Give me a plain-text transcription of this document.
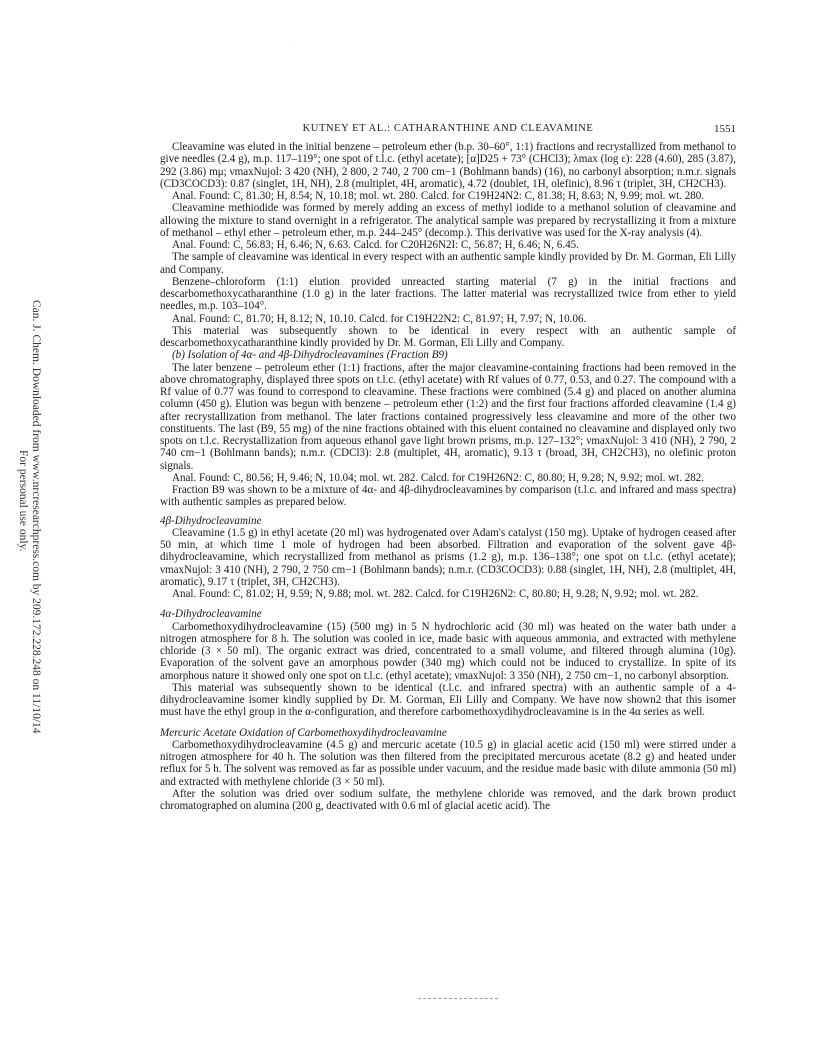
·
Can. J. Chem. Downloaded from www.nrcresearchpress.com by 209.172.228.248 on 11/10/14
For personal use only.
KUTNEY ET AL.: CATHARANTHINE AND CLEAVAMINE	1551

Cleavamine was eluted in the initial benzene – petroleum ether (b.p. 30–60°, 1:1) fractions and recrystallized from methanol to give needles (2.4 g), m.p. 117–119°; one spot of t.l.c. (ethyl acetate); [α]D25 + 73° (CHCl3); λmax (log ε): 228 (4.60), 285 (3.87), 292 (3.86) mμ; νmaxNujol: 3 420 (NH), 2 800, 2 740, 2 700 cm−1 (Bohlmann bands) (16), no carbonyl absorption; n.m.r. signals (CD3COCD3): 0.87 (singlet, 1H, NH), 2.8 (multiplet, 4H, aromatic), 4.72 (doublet, 1H, olefinic), 8.96 τ (triplet, 3H, CH2CH3).

Anal. Found: C, 81.30; H, 8.54; N, 10.18; mol. wt. 280. Calcd. for C19H24N2: C, 81.38; H, 8.63; N, 9.99; mol. wt. 280.

Cleavamine methiodide was formed by merely adding an excess of methyl iodide to a methanol solution of cleavamine and allowing the mixture to stand overnight in a refrigerator. The analytical sample was prepared by recrystallizing it from a mixture of methanol – ethyl ether – petroleum ether, m.p. 244–245° (decomp.). This derivative was used for the X-ray analysis (4).

Anal. Found: C, 56.83; H, 6.46; N, 6.63. Calcd. for C20H26N2I: C, 56.87; H, 6.46; N, 6.45.

The sample of cleavamine was identical in every respect with an authentic sample kindly provided by Dr. M. Gorman, Eli Lilly and Company.

Benzene–chloroform (1:1) elution provided unreacted starting material (7 g) in the initial fractions and descarbomethoxycatharanthine (1.0 g) in the later fractions. The latter material was recrystallized twice from ether to yield needles, m.p. 103–104°.

Anal. Found: C, 81.70; H, 8.12; N, 10.10. Calcd. for C19H22N2: C, 81.97; H, 7.97; N, 10.06.

This material was subsequently shown to be identical in every respect with an authentic sample of descarbomethoxycatharanthine kindly provided by Dr. M. Gorman, Eli Lilly and Company.

(b) Isolation of 4α- and 4β-Dihydrocleavamines (Fraction B9)

The later benzene – petroleum ether (1:1) fractions, after the major cleavamine-containing fractions had been removed in the above chromatography, displayed three spots on t.l.c. (ethyl acetate) with Rf values of 0.77, 0.53, and 0.27. The compound with a Rf value of 0.77 was found to correspond to cleavamine. These fractions were combined (5.4 g) and placed on another alumina column (450 g). Elution was begun with benzene – petroleum ether (1:2) and the first four fractions afforded cleavamine (1.4 g) after recrystallization from methanol. The later fractions contained progressively less cleavamine and more of the other two constituents. The last (B9, 55 mg) of the nine fractions obtained with this eluent contained no cleavamine and displayed only two spots on t.l.c. Recrystallization from aqueous ethanol gave light brown prisms, m.p. 127–132°; νmaxNujol: 3 410 (NH), 2 790, 2 740 cm−1 (Bohlmann bands); n.m.r. (CDCl3): 2.8 (multiplet, 4H, aromatic), 9.13 τ (broad, 3H, CH2CH3), no olefinic proton signals.

Anal. Found: C, 80.56; H, 9.46; N, 10.04; mol. wt. 282. Calcd. for C19H26N2: C, 80.80; H, 9.28; N, 9.92; mol. wt. 282.

Fraction B9 was shown to be a mixture of 4α- and 4β-dihydrocleavamines by comparison (t.l.c. and infrared and mass spectra) with authentic samples as prepared below.

4β-Dihydrocleavamine

Cleavamine (1.5 g) in ethyl acetate (20 ml) was hydrogenated over Adam's catalyst (150 mg). Uptake of hydrogen ceased after 50 min, at which time 1 mole of hydrogen had been absorbed. Filtration and evaporation of the solvent gave 4β-dihydrocleavamine, which recrystallized from methanol as prisms (1.2 g), m.p. 136–138°; one spot on t.l.c. (ethyl acetate); νmaxNujol: 3 410 (NH), 2 790, 2 750 cm−1 (Bohlmann bands); n.m.r. (CD3COCD3): 0.88 (singlet, 1H, NH), 2.8 (multiplet, 4H, aromatic), 9.17 τ (triplet, 3H, CH2CH3).

Anal. Found: C, 81.02; H, 9.59; N, 9.88; mol. wt. 282. Calcd. for C19H26N2: C, 80.80; H, 9.28; N, 9.92; mol. wt. 282.

4α-Dihydrocleavamine

Carbomethoxydihydrocleavamine (15) (500 mg) in 5 N hydrochloric acid (30 ml) was heated on the water bath under a nitrogen atmosphere for 8 h. The solution was cooled in ice, made basic with aqueous ammonia, and extracted with methylene chloride (3 × 50 ml). The organic extract was dried, concentrated to a small volume, and filtered through alumina (10g). Evaporation of the solvent gave an amorphous powder (340 mg) which could not be induced to crystallize. In spite of its amorphous nature it showed only one spot on t.l.c. (ethyl acetate); νmaxNujol: 3 350 (NH), 2 750 cm−1, no carbonyl absorption.

This material was subsequently shown to be identical (t.l.c. and infrared spectra) with an authentic sample of a 4-dihydrocleavamine isomer kindly supplied by Dr. M. Gorman, Eli Lilly and Company. We have now shown2 that this isomer must have the ethyl group in the α-configuration, and therefore carbomethoxydihydrocleavamine is in the 4α series as well.

Mercuric Acetate Oxidation of Carbomethoxydihydrocleavamine

Carbomethoxydihydrocleavamine (4.5 g) and mercuric acetate (10.5 g) in glacial acetic acid (150 ml) were stirred under a nitrogen atmosphere for 40 h. The solution was then filtered from the precipitated mercurous acetate (8.2 g) and heated under reflux for 5 h. The solvent was removed as far as possible under vacuum, and the residue made basic with dilute ammonia (50 ml) and extracted with methylene chloride (3 × 50 ml).

After the solution was dried over sodium sulfate, the methylene chloride was removed, and the dark brown product chromatographed on alumina (200 g, deactivated with 0.6 ml of glacial acetic acid). The
